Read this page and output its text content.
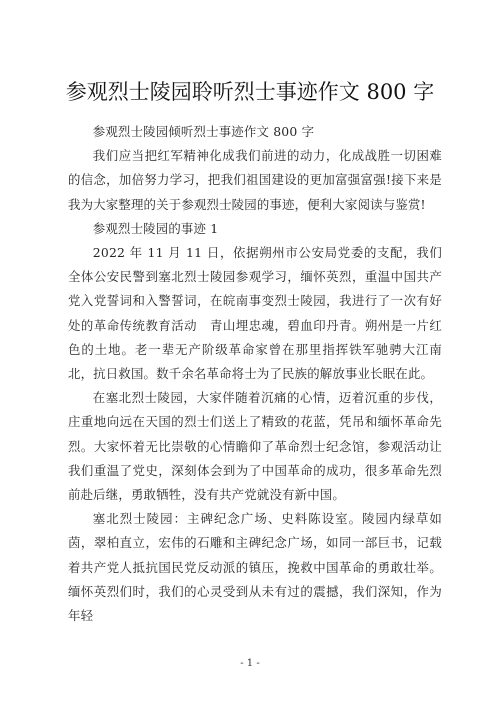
参观烈士陵园聆听烈士事迹作文 800 字

参观烈士陵园倾听烈士事迹作文 800 字

我们应当把红军精神化成我们前进的动力，化成战胜一切困难的信念，加倍努力学习，把我们祖国建设的更加富强富强!接下来是我为大家整理的关于参观烈士陵园的事迹，便利大家阅读与鉴赏!

参观烈士陵园的事迹 1

2022 年 11 月 11 日，依据朔州市公安局党委的支配，我们全体公安民警到塞北烈士陵园参观学习，缅怀英烈，重温中国共产党入党誓词和入警誓词，在皖南事变烈士陵园，我进行了一次有好处的革命传统教育活动　青山埋忠魂，碧血印丹青。朔州是一片红色的土地。老一辈无产阶级革命家曾在那里指挥铁军驰骋大江南北，抗日救国。数千余名革命将士为了民族的解放事业长眠在此。

在塞北烈士陵园，大家伴随着沉痛的心情，迈着沉重的步伐，庄重地向远在天国的烈士们送上了精致的花蓝，凭吊和缅怀革命先烈。大家怀着无比崇敬的心情瞻仰了革命烈士纪念馆，参观活动让我们重温了党史，深刻体会到为了中国革命的成功，很多革命先烈前赴后继，勇敢牺牲，没有共产党就没有新中国。

塞北烈士陵园：主碑纪念广场、史料陈设室。陵园内绿草如茵，翠柏直立，宏伟的石雕和主碑纪念广场，如同一部巨书，记载着共产党人抵抗国民党反动派的镇压，挽救中国革命的勇敢壮举。缅怀英烈们时，我们的心灵受到从未有过的震撼，我们深知，作为年轻

- 1 -
